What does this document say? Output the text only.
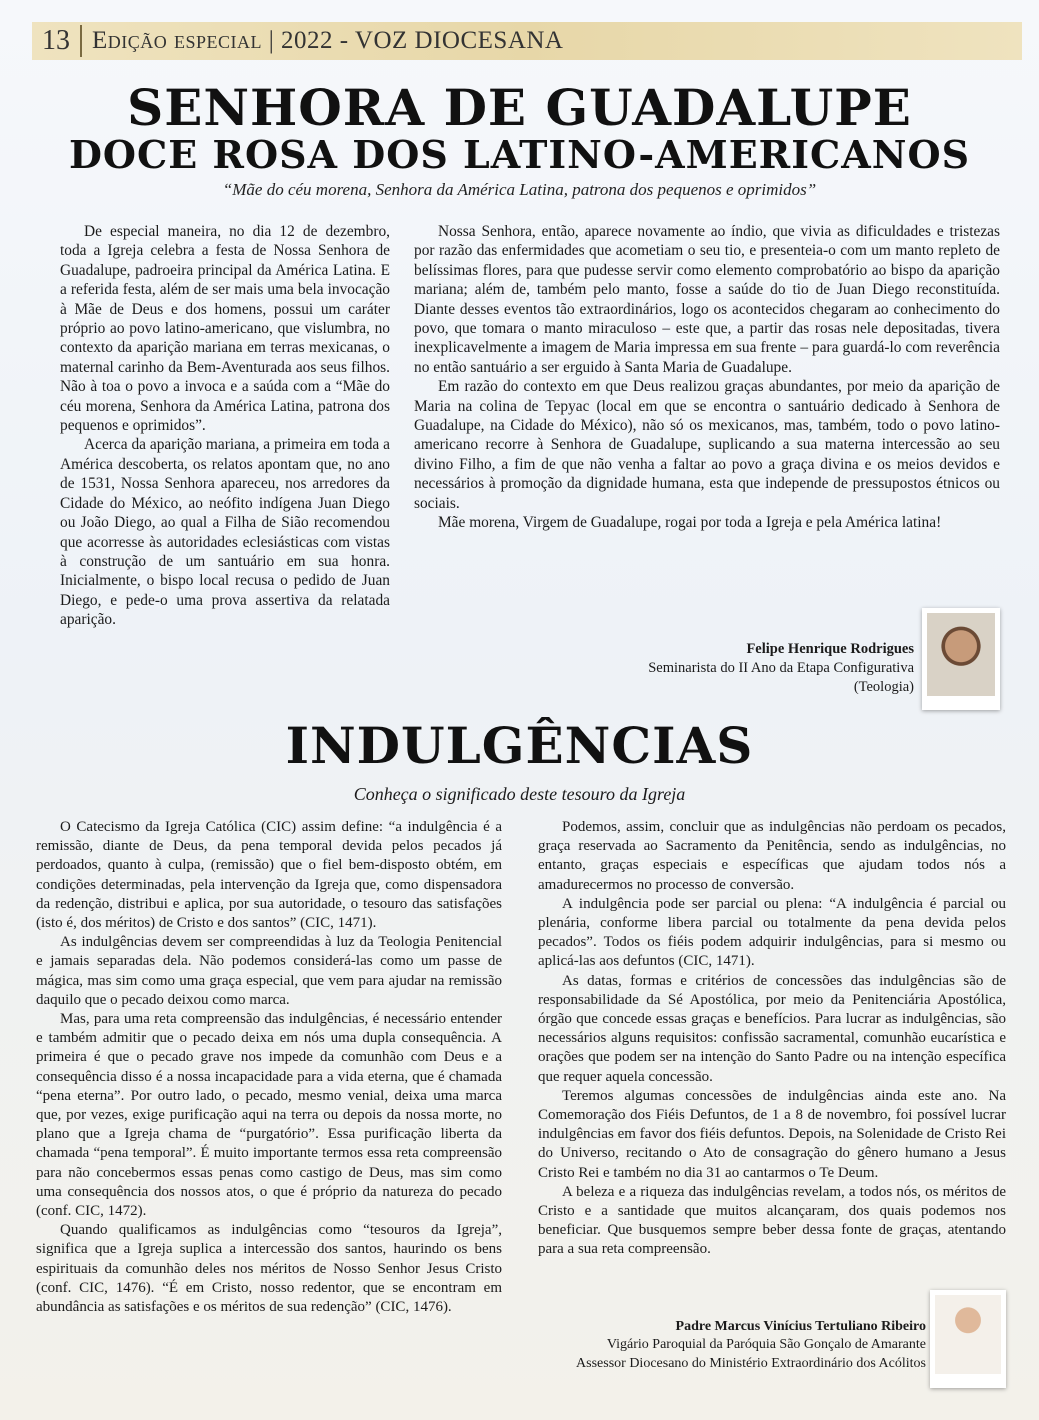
13 Edição especial | 2022 - VOZ DIOCESANA
SENHORA DE GUADALUPE
DOCE ROSA DOS LATINO-AMERICANOS
“Mãe do céu morena, Senhora da América Latina, patrona dos pequenos e oprimidos”

De especial maneira, no dia 12 de dezembro, toda a Igreja celebra a festa de Nossa Senhora de Guadalupe, padroeira principal da América Latina. E a referida festa, além de ser mais uma bela invocação à Mãe de Deus e dos homens, possui um caráter próprio ao povo latino-americano, que vislumbra, no contexto da aparição mariana em terras mexicanas, o maternal carinho da Bem-Aventurada aos seus filhos. Não à toa o povo a invoca e a saúda com a “Mãe do céu morena, Senhora da América Latina, patrona dos pequenos e oprimidos”.

Acerca da aparição mariana, a primeira em toda a América descoberta, os relatos apontam que, no ano de 1531, Nossa Senhora apareceu, nos arredores da Cidade do México, ao neófito indígena Juan Diego ou João Diego, ao qual a Filha de Sião recomendou que acorresse às autoridades eclesiásticas com vistas à construção de um santuário em sua honra. Inicialmente, o bispo local recusa o pedido de Juan Diego, e pede-o uma prova assertiva da relatada aparição.

Nossa Senhora, então, aparece novamente ao índio, que vivia as dificuldades e tristezas por razão das enfermidades que acometiam o seu tio, e presenteia-o com um manto repleto de belíssimas flores, para que pudesse servir como elemento comprobatório ao bispo da aparição mariana; além de, também pelo manto, fosse a saúde do tio de Juan Diego reconstituída. Diante desses eventos tão extraordinários, logo os acontecidos chegaram ao conhecimento do povo, que tomara o manto miraculoso – este que, a partir das rosas nele depositadas, tivera inexplicavelmente a imagem de Maria impressa em sua frente – para guardá-lo com reverência no então santuário a ser erguido à Santa Maria de Guadalupe.

Em razão do contexto em que Deus realizou graças abundantes, por meio da aparição de Maria na colina de Tepyac (local em que se encontra o santuário dedicado à Senhora de Guadalupe, na Cidade do México), não só os mexicanos, mas, também, todo o povo latino-americano recorre à Senhora de Guadalupe, suplicando a sua materna intercessão ao seu divino Filho, a fim de que não venha a faltar ao povo a graça divina e os meios devidos e necessários à promoção da dignidade humana, esta que independe de pressupostos étnicos ou sociais.

Mãe morena, Virgem de Guadalupe, rogai por toda a Igreja e pela América latina!

Felipe Henrique Rodrigues
Seminarista do II Ano da Etapa Configurativa
(Teologia)
INDULGÊNCIAS
Conheça o significado deste tesouro da Igreja

O Catecismo da Igreja Católica (CIC) assim define: “a indulgência é a remissão, diante de Deus, da pena temporal devida pelos pecados já perdoados, quanto à culpa, (remissão) que o fiel bem-disposto obtém, em condições determinadas, pela intervenção da Igreja que, como dispensadora da redenção, distribui e aplica, por sua autoridade, o tesouro das satisfações (isto é, dos méritos) de Cristo e dos santos” (CIC, 1471).

As indulgências devem ser compreendidas à luz da Teologia Penitencial e jamais separadas dela. Não podemos considerá-las como um passe de mágica, mas sim como uma graça especial, que vem para ajudar na remissão daquilo que o pecado deixou como marca.

Mas, para uma reta compreensão das indulgências, é necessário entender e também admitir que o pecado deixa em nós uma dupla consequência. A primeira é que o pecado grave nos impede da comunhão com Deus e a consequência disso é a nossa incapacidade para a vida eterna, que é chamada “pena eterna”. Por outro lado, o pecado, mesmo venial, deixa uma marca que, por vezes, exige purificação aqui na terra ou depois da nossa morte, no plano que a Igreja chama de “purgatório”. Essa purificação liberta da chamada “pena temporal”. É muito importante termos essa reta compreensão para não concebermos essas penas como castigo de Deus, mas sim como uma consequência dos nossos atos, o que é próprio da natureza do pecado (conf. CIC, 1472).

Quando qualificamos as indulgências como “tesouros da Igreja”, significa que a Igreja suplica a intercessão dos santos, haurindo os bens espirituais da comunhão deles nos méritos de Nosso Senhor Jesus Cristo (conf. CIC, 1476). “É em Cristo, nosso redentor, que se encontram em abundância as satisfações e os méritos de sua redenção” (CIC, 1476).

Podemos, assim, concluir que as indulgências não perdoam os pecados, graça reservada ao Sacramento da Penitência, sendo as indulgências, no entanto, graças especiais e específicas que ajudam todos nós a amadurecermos no processo de conversão.

A indulgência pode ser parcial ou plena: “A indulgência é parcial ou plenária, conforme libera parcial ou totalmente da pena devida pelos pecados”. Todos os fiéis podem adquirir indulgências, para si mesmo ou aplicá-las aos defuntos (CIC, 1471).

As datas, formas e critérios de concessões das indulgências são de responsabilidade da Sé Apostólica, por meio da Penitenciária Apostólica, órgão que concede essas graças e benefícios. Para lucrar as indulgências, são necessários alguns requisitos: confissão sacramental, comunhão eucarística e orações que podem ser na intenção do Santo Padre ou na intenção específica que requer aquela concessão.

Teremos algumas concessões de indulgências ainda este ano. Na Comemoração dos Fiéis Defuntos, de 1 a 8 de novembro, foi possível lucrar indulgências em favor dos fiéis defuntos. Depois, na Solenidade de Cristo Rei do Universo, recitando o Ato de consagração do gênero humano a Jesus Cristo Rei e também no dia 31 ao cantarmos o Te Deum.

A beleza e a riqueza das indulgências revelam, a todos nós, os méritos de Cristo e a santidade que muitos alcançaram, dos quais podemos nos beneficiar. Que busquemos sempre beber dessa fonte de graças, atentando para a sua reta compreensão.

Padre Marcus Vinícius Tertuliano Ribeiro
Vigário Paroquial da Paróquia São Gonçalo de Amarante
Assessor Diocesano do Ministério Extraordinário dos Acólitos
